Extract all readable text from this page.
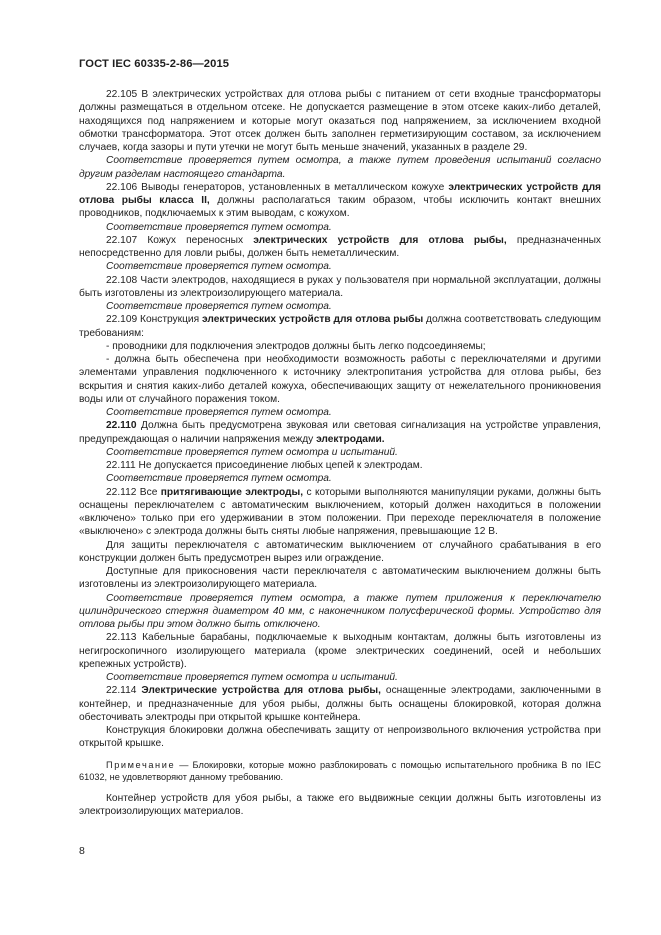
ГОСТ IEC 60335-2-86—2015

22.105 В электрических устройствах для отлова рыбы с питанием от сети входные трансформаторы должны размещаться в отдельном отсеке. Не допускается размещение в этом отсеке каких-либо деталей, находящихся под напряжением и которые могут оказаться под напряжением, за исключением входной обмотки трансформатора. Этот отсек должен быть заполнен герметизирующим составом, за исключением случаев, когда зазоры и пути утечки не могут быть меньше значений, указанных в разделе 29.

Соответствие проверяется путем осмотра, а также путем проведения испытаний согласно другим разделам настоящего стандарта.

22.106 Выводы генераторов, установленных в металлическом кожухе электрических устройств для отлова рыбы класса II, должны располагаться таким образом, чтобы исключить контакт внешних проводников, подключаемых к этим выводам, с кожухом.

Соответствие проверяется путем осмотра.

22.107 Кожух переносных электрических устройств для отлова рыбы, предназначенных непосредственно для ловли рыбы, должен быть неметаллическим.

Соответствие проверяется путем осмотра.

22.108 Части электродов, находящиеся в руках у пользователя при нормальной эксплуатации, должны быть изготовлены из электроизолирующего материала.

Соответствие проверяется путем осмотра.

22.109 Конструкция электрических устройств для отлова рыбы должна соответствовать следующим требованиям:

- проводники для подключения электродов должны быть легко подсоединяемы;

- должна быть обеспечена при необходимости возможность работы с переключателями и другими элементами управления подключенного к источнику электропитания устройства для отлова рыбы, без вскрытия и снятия каких-либо деталей кожуха, обеспечивающих защиту от нежелательного проникновения воды или от случайного поражения током.

Соответствие проверяется путем осмотра.

22.110 Должна быть предусмотрена звуковая или световая сигнализация на устройстве управления, предупреждающая о наличии напряжения между электродами.

Соответствие проверяется путем осмотра и испытаний.

22.111 Не допускается присоединение любых цепей к электродам.

Соответствие проверяется путем осмотра.

22.112 Все притягивающие электроды, с которыми выполняются манипуляции руками, должны быть оснащены переключателем с автоматическим выключением, который должен находиться в положении «включено» только при его удерживании в этом положении. При переходе переключателя в положение «выключено» с электрода должны быть сняты любые напряжения, превышающие 12 В.

Для защиты переключателя с автоматическим выключением от случайного срабатывания в его конструкции должен быть предусмотрен вырез или ограждение.

Доступные для прикосновения части переключателя с автоматическим выключением должны быть изготовлены из электроизолирующего материала.

Соответствие проверяется путем осмотра, а также путем приложения к переключателю цилиндрического стержня диаметром 40 мм, с наконечником полусферической формы. Устройство для отлова рыбы при этом должно быть отключено.

22.113 Кабельные барабаны, подключаемые к выходным контактам, должны быть изготовлены из негигроскопичного изолирующего материала (кроме электрических соединений, осей и небольших крепежных устройств).

Соответствие проверяется путем осмотра и испытаний.

22.114 Электрические устройства для отлова рыбы, оснащенные электродами, заключенными в контейнер, и предназначенные для убоя рыбы, должны быть оснащены блокировкой, которая должна обесточивать электроды при открытой крышке контейнера.

Конструкция блокировки должна обеспечивать защиту от непроизвольного включения устройства при открытой крышке.

Примечание — Блокировки, которые можно разблокировать с помощью испытательного пробника В по IEC 61032, не удовлетворяют данному требованию.

Контейнер устройств для убоя рыбы, а также его выдвижные секции должны быть изготовлены из электроизолирующих материалов.

8
